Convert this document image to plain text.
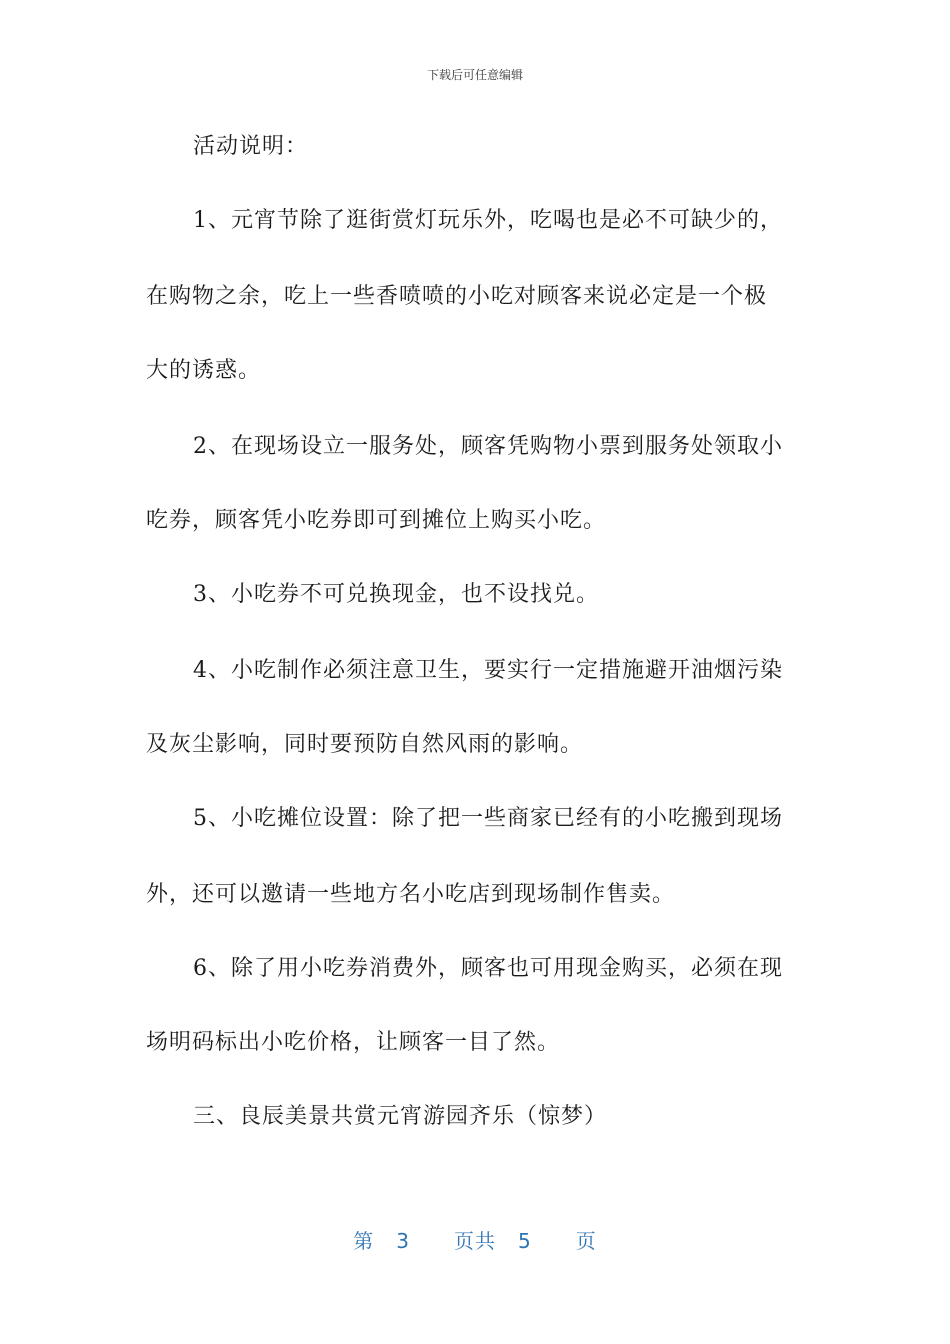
下载后可任意编辑
活动说明：
1、元宵节除了逛街赏灯玩乐外，吃喝也是必不可缺少的，
在购物之余，吃上一些香喷喷的小吃对顾客来说必定是一个极
大的诱惑。
2、在现场设立一服务处，顾客凭购物小票到服务处领取小
吃券，顾客凭小吃券即可到摊位上购买小吃。
3、小吃券不可兑换现金，也不设找兑。
4、小吃制作必须注意卫生，要实行一定措施避开油烟污染
及灰尘影响，同时要预防自然风雨的影响。
5、小吃摊位设置：除了把一些商家已经有的小吃搬到现场
外，还可以邀请一些地方名小吃店到现场制作售卖。
6、除了用小吃券消费外，顾客也可用现金购买，必须在现
场明码标出小吃价格，让顾客一目了然。
三、良辰美景共赏元宵游园齐乐（惊梦）
第 3 页共 5 页
